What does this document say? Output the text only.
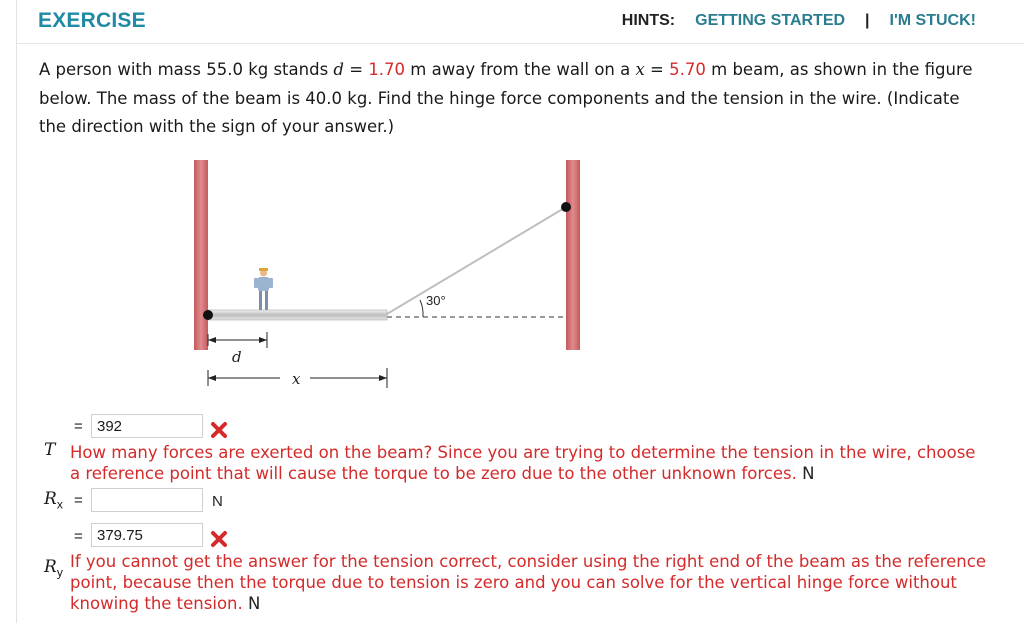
EXERCISE	HINTS: GETTING STARTED | I'M STUCK!
A person with mass 55.0 kg stands d = 1.70 m away from the wall on a x = 5.70 m beam, as shown in the figure below. The mass of the beam is 40.0 kg. Find the hinge force components and the tension in the wire. (Indicate the direction with the sign of your answer.)
30°
d
x
= 392
T How many forces are exerted on the beam? Since you are trying to determine the tension in the wire, choose a reference point that will cause the torque to be zero due to the other unknown forces. N
$R_x$ =	N
= 379.75
$R_y$
If you cannot get the answer for the tension correct, consider using the right end of the beam as the reference point, because then the torque due to tension is zero and you can solve for the vertical hinge force without knowing the tension. N
